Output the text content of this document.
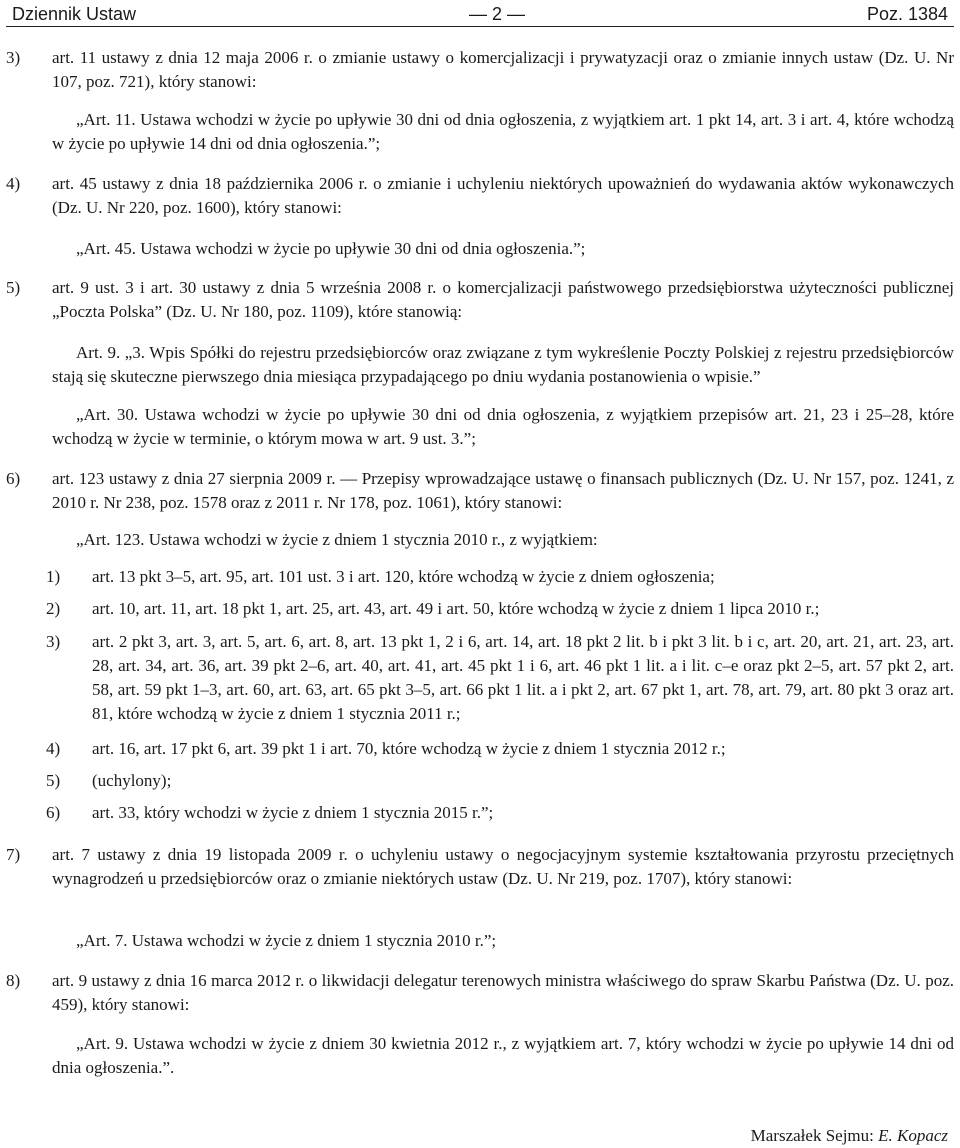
Dziennik Ustaw	— 2 —	Poz. 1384
3) art. 11 ustawy z dnia 12 maja 2006 r. o zmianie ustawy o komercjalizacji i prywatyzacji oraz o zmianie innych ustaw (Dz. U. Nr 107, poz. 721), który stanowi:
„Art. 11. Ustawa wchodzi w życie po upływie 30 dni od dnia ogłoszenia, z wyjątkiem art. 1 pkt 14, art. 3 i art. 4, które wchodzą w życie po upływie 14 dni od dnia ogłoszenia.”;
4) art. 45 ustawy z dnia 18 października 2006 r. o zmianie i uchyleniu niektórych upoważnień do wydawania aktów wykonawczych (Dz. U. Nr 220, poz. 1600), który stanowi:
„Art. 45. Ustawa wchodzi w życie po upływie 30 dni od dnia ogłoszenia.”;
5) art. 9 ust. 3 i art. 30 ustawy z dnia 5 września 2008 r. o komercjalizacji państwowego przedsiębiorstwa użyteczności publicznej „Poczta Polska” (Dz. U. Nr 180, poz. 1109), które stanowią:
Art. 9. „3. Wpis Spółki do rejestru przedsiębiorców oraz związane z tym wykreślenie Poczty Polskiej z rejestru przedsiębiorców stają się skuteczne pierwszego dnia miesiąca przypadającego po dniu wydania postanowienia o wpisie.”
„Art. 30. Ustawa wchodzi w życie po upływie 30 dni od dnia ogłoszenia, z wyjątkiem przepisów art. 21, 23 i 25–28, które wchodzą w życie w terminie, o którym mowa w art. 9 ust. 3.”;
6) art. 123 ustawy z dnia 27 sierpnia 2009 r. — Przepisy wprowadzające ustawę o finansach publicznych (Dz. U. Nr 157, poz. 1241, z 2010 r. Nr 238, poz. 1578 oraz z 2011 r. Nr 178, poz. 1061), który stanowi:
„Art. 123. Ustawa wchodzi w życie z dniem 1 stycznia 2010 r., z wyjątkiem:
1) art. 13 pkt 3–5, art. 95, art. 101 ust. 3 i art. 120, które wchodzą w życie z dniem ogłoszenia;
2) art. 10, art. 11, art. 18 pkt 1, art. 25, art. 43, art. 49 i art. 50, które wchodzą w życie z dniem 1 lipca 2010 r.;
3) art. 2 pkt 3, art. 3, art. 5, art. 6, art. 8, art. 13 pkt 1, 2 i 6, art. 14, art. 18 pkt 2 lit. b i pkt 3 lit. b i c, art. 20, art. 21, art. 23, art. 28, art. 34, art. 36, art. 39 pkt 2–6, art. 40, art. 41, art. 45 pkt 1 i 6, art. 46 pkt 1 lit. a i lit. c–e oraz pkt 2–5, art. 57 pkt 2, art. 58, art. 59 pkt 1–3, art. 60, art. 63, art. 65 pkt 3–5, art. 66 pkt 1 lit. a i pkt 2, art. 67 pkt 1, art. 78, art. 79, art. 80 pkt 3 oraz art. 81, które wchodzą w życie z dniem 1 stycznia 2011 r.;
4) art. 16, art. 17 pkt 6, art. 39 pkt 1 i art. 70, które wchodzą w życie z dniem 1 stycznia 2012 r.;
5) (uchylony);
6) art. 33, który wchodzi w życie z dniem 1 stycznia 2015 r.”;
7) art. 7 ustawy z dnia 19 listopada 2009 r. o uchyleniu ustawy o negocjacyjnym systemie kształtowania przyrostu przeciętnych wynagrodzeń u przedsiębiorców oraz o zmianie niektórych ustaw (Dz. U. Nr 219, poz. 1707), który stanowi:
„Art. 7. Ustawa wchodzi w życie z dniem 1 stycznia 2010 r.”;
8) art. 9 ustawy z dnia 16 marca 2012 r. o likwidacji delegatur terenowych ministra właściwego do spraw Skarbu Państwa (Dz. U. poz. 459), który stanowi:
„Art. 9. Ustawa wchodzi w życie z dniem 30 kwietnia 2012 r., z wyjątkiem art. 7, który wchodzi w życie po upływie 14 dni od dnia ogłoszenia.”.
Marszałek Sejmu: E. Kopacz
